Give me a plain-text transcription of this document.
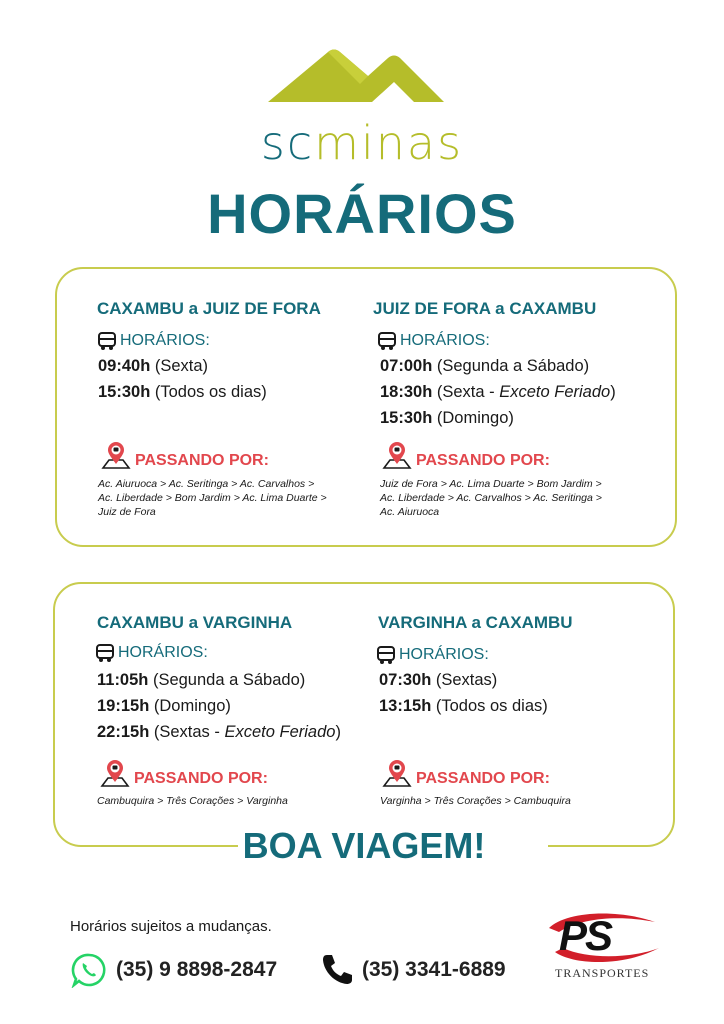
scminas
HORÁRIOS
CAXAMBU a JUIZ DE FORA
HORÁRIOS:
09:40h (Sexta)
15:30h (Todos os dias)
PASSANDO POR:
Ac. Aiuruoca > Ac. Seritinga > Ac. Carvalhos >
Ac. Liberdade > Bom Jardim > Ac. Lima Duarte >
Juiz de Fora
JUIZ DE FORA a CAXAMBU
HORÁRIOS:
07:00h (Segunda a Sábado)
18:30h (Sexta - Exceto Feriado)
15:30h (Domingo)
PASSANDO POR:
Juiz de Fora > Ac. Lima Duarte > Bom Jardim >
Ac. Liberdade > Ac. Carvalhos > Ac. Seritinga >
Ac. Aiuruoca
CAXAMBU a VARGINHA
HORÁRIOS:
11:05h (Segunda a Sábado)
19:15h (Domingo)
22:15h (Sextas - Exceto Feriado)
PASSANDO POR:
Cambuquira > Três Corações > Varginha
VARGINHA a CAXAMBU
HORÁRIOS:
07:30h (Sextas)
13:15h (Todos os dias)
PASSANDO POR:
Varginha > Três Corações > Cambuquira
BOA VIAGEM!
Horários sujeitos a mudanças.
(35) 9 8898-2847	(35) 3341-6889
PS
TRANSPORTES
